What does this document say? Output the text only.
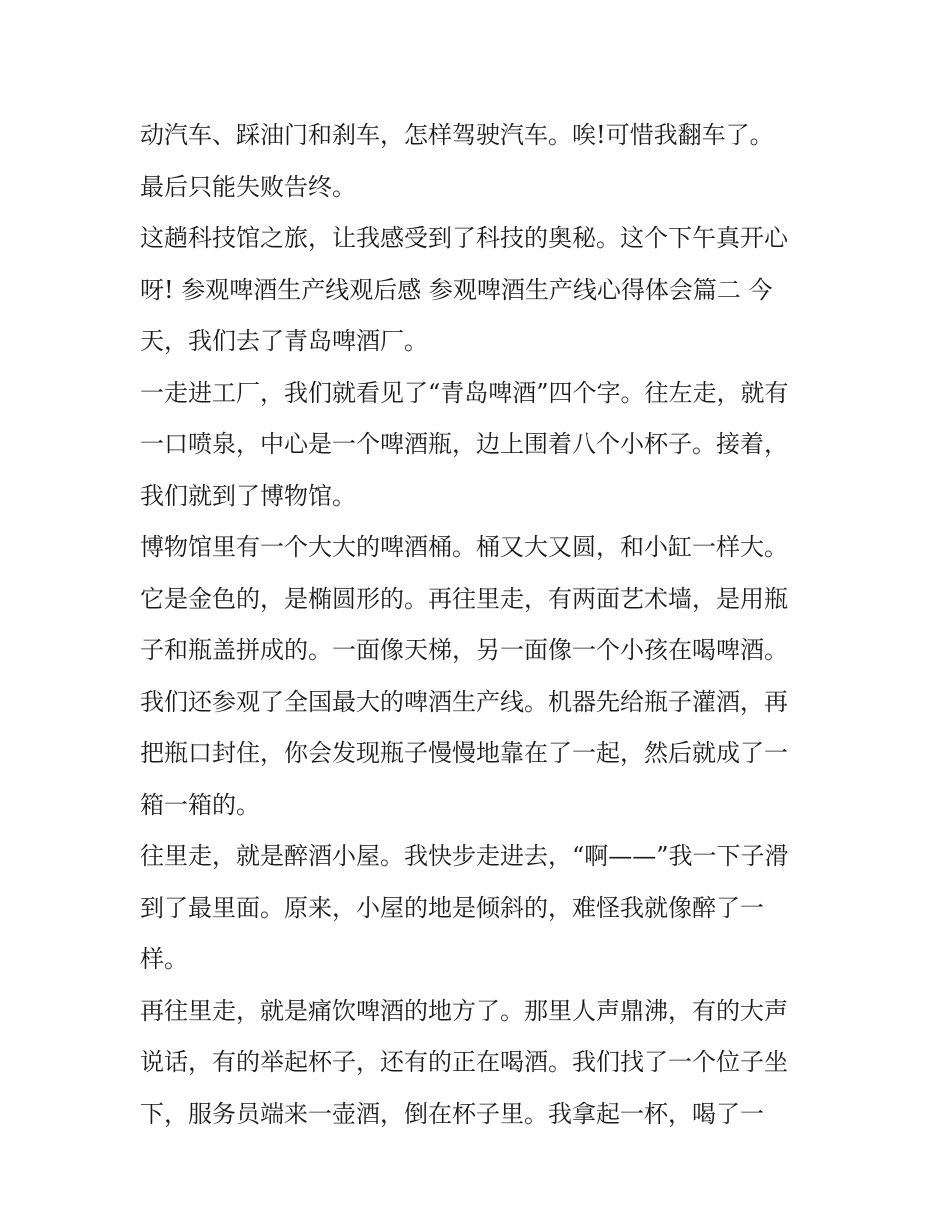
动汽车、踩油门和刹车，怎样驾驶汽车。唉!可惜我翻车了。
最后只能失败告终。
这趟科技馆之旅，让我感受到了科技的奥秘。这个下午真开心
呀! 参观啤酒生产线观后感 参观啤酒生产线心得体会篇二 今
天，我们去了青岛啤酒厂。
一走进工厂，我们就看见了“青岛啤酒”四个字。往左走，就有
一口喷泉，中心是一个啤酒瓶，边上围着八个小杯子。接着，
我们就到了博物馆。
博物馆里有一个大大的啤酒桶。桶又大又圆，和小缸一样大。
它是金色的，是椭圆形的。再往里走，有两面艺术墙，是用瓶
子和瓶盖拼成的。一面像天梯，另一面像一个小孩在喝啤酒。
我们还参观了全国最大的啤酒生产线。机器先给瓶子灌酒，再
把瓶口封住，你会发现瓶子慢慢地靠在了一起，然后就成了一
箱一箱的。
往里走，就是醉酒小屋。我快步走进去，“啊——”我一下子滑
到了最里面。原来，小屋的地是倾斜的，难怪我就像醉了一
样。
再往里走，就是痛饮啤酒的地方了。那里人声鼎沸，有的大声
说话，有的举起杯子，还有的正在喝酒。我们找了一个位子坐
下，服务员端来一壶酒，倒在杯子里。我拿起一杯，喝了一
